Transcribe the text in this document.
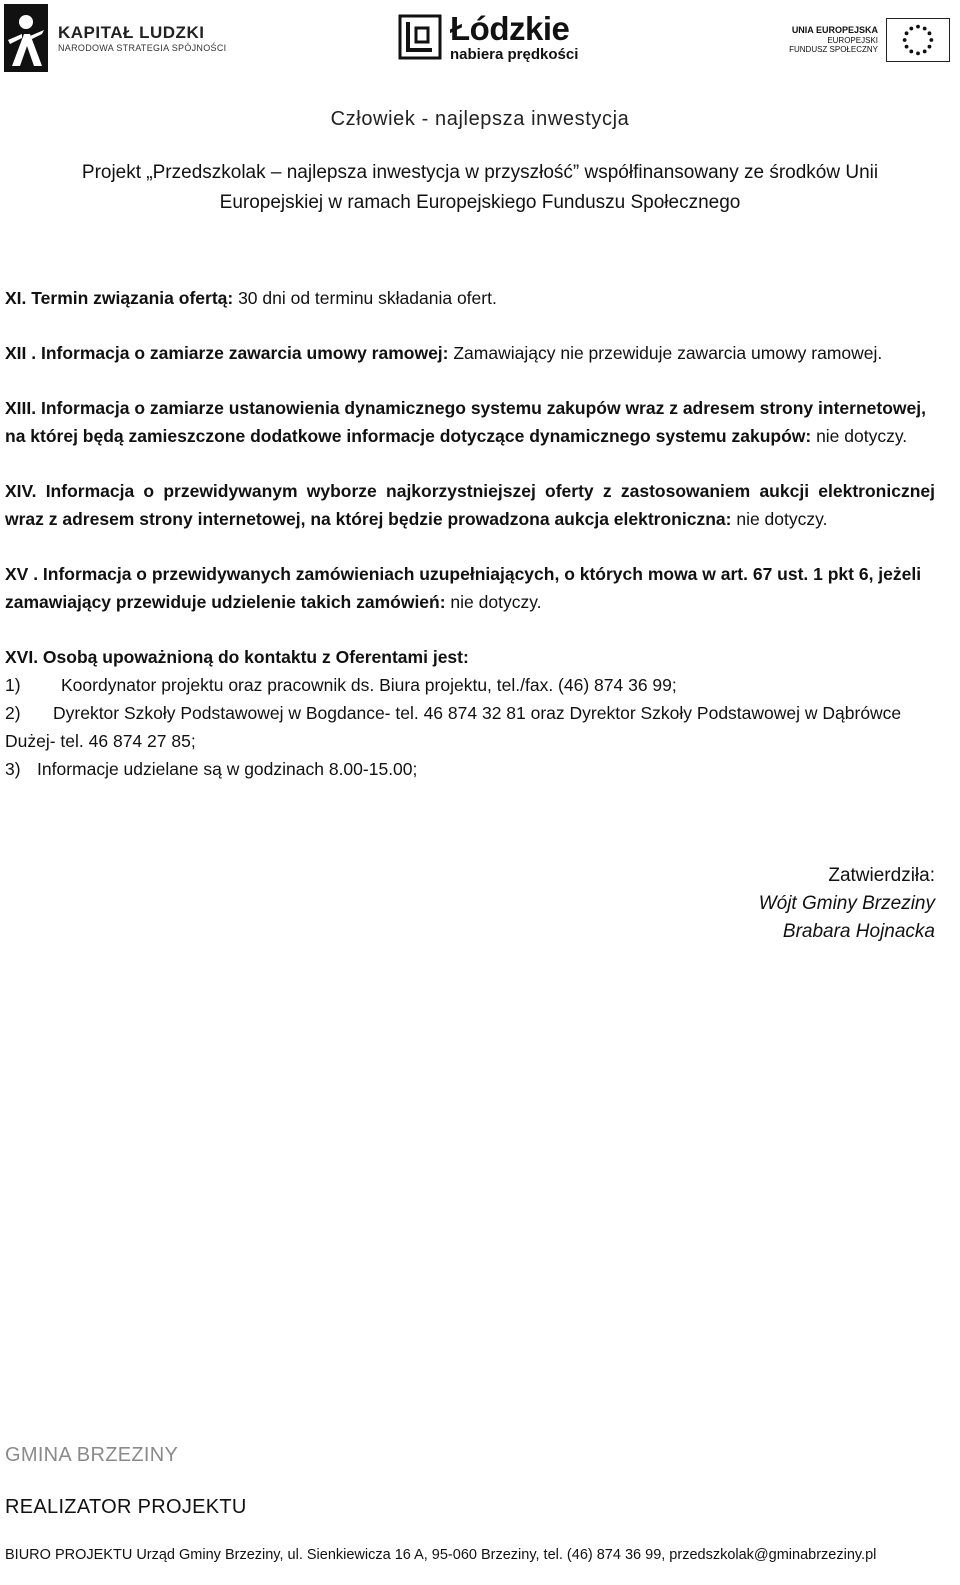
KAPITAŁ LUDZKI
NARODOWA STRATEGIA SPÓJNOŚCI
Łódzkie
nabiera prędkości
UNIA EUROPEJSKA
EUROPEJSKI
FUNDUSZ SPOŁECZNY
Człowiek - najlepsza inwestycja
Projekt „Przedszkolak – najlepsza inwestycja w przyszłość” współfinansowany ze środków Unii
Europejskiej w ramach Europejskiego Funduszu Społecznego

XI. Termin związania ofertą: 30 dni od terminu składania ofert.

XII . Informacja o zamiarze zawarcia umowy ramowej: Zamawiający nie przewiduje zawarcia umowy ramowej.

XIII. Informacja o zamiarze ustanowienia dynamicznego systemu zakupów wraz z adresem strony internetowej, na której będą zamieszczone dodatkowe informacje dotyczące dynamicznego systemu zakupów: nie dotyczy.

XIV. Informacja o przewidywanym wyborze najkorzystniejszej oferty z zastosowaniem aukcji elektronicznej wraz z adresem strony internetowej, na której będzie prowadzona aukcja elektroniczna: nie dotyczy.

XV . Informacja o przewidywanych zamówieniach uzupełniających, o których mowa w art. 67 ust. 1 pkt 6, jeżeli zamawiający przewiduje udzielenie takich zamówień: nie dotyczy.

XVI. Osobą upoważnioną do kontaktu z Oferentami jest:

1) Koordynator projektu oraz pracownik ds. Biura projektu, tel./fax. (46) 874 36 99;

2) Dyrektor Szkoły Podstawowej w Bogdance- tel. 46 874 32 81 oraz Dyrektor Szkoły Podstawowej w Dąbrówce Dużej- tel. 46 874 27 85;

3) Informacje udzielane są w godzinach 8.00-15.00;

Zatwierdziła:
Wójt Gminy Brzeziny
Brabara Hojnacka
GMINA BRZEZINY
REALIZATOR PROJEKTU
BIURO PROJEKTU Urząd Gminy Brzeziny, ul. Sienkiewicza 16 A, 95-060 Brzeziny, tel. (46) 874 36 99, przedszkolak@gminabrzeziny.pl
